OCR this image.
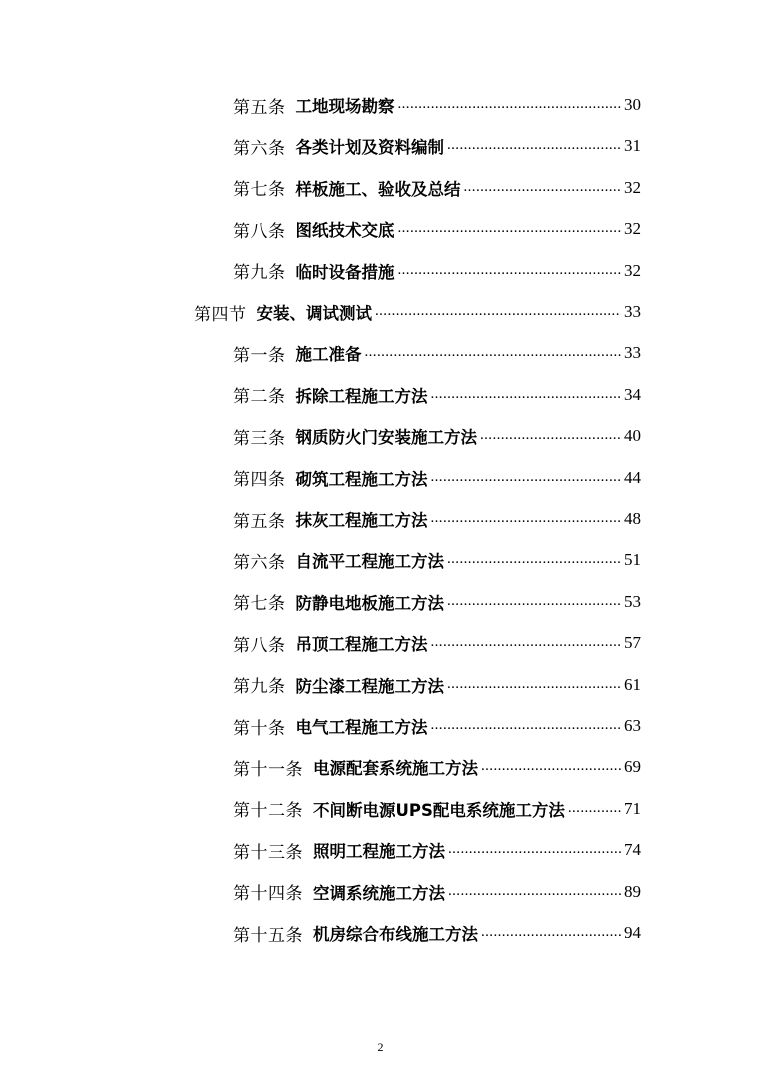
第五条 工地现场勘察 .....	30
第六条 各类计划及资料编制 .....	31
第七条 样板施工、验收及总结 .....	32
第八条 图纸技术交底 .....	32
第九条 临时设备措施 .....	32
第四节 安装、调试测试 .....	33
第一条 施工准备 .....	33
第二条 拆除工程施工方法 .....	34
第三条 钢质防火门安装施工方法 .....	40
第四条 砌筑工程施工方法 .....	44
第五条 抹灰工程施工方法 .....	48
第六条 自流平工程施工方法 .....	51
第七条 防静电地板施工方法 .....	53
第八条 吊顶工程施工方法 .....	57
第九条 防尘漆工程施工方法 .....	61
第十条 电气工程施工方法 .....	63
第十一条 电源配套系统施工方法 .....	69
第十二条 不间断电源UPS配电系统施工方法 .....	71
第十三条 照明工程施工方法 .....	74
第十四条 空调系统施工方法 .....	89
第十五条 机房综合布线施工方法 .....	94
2
